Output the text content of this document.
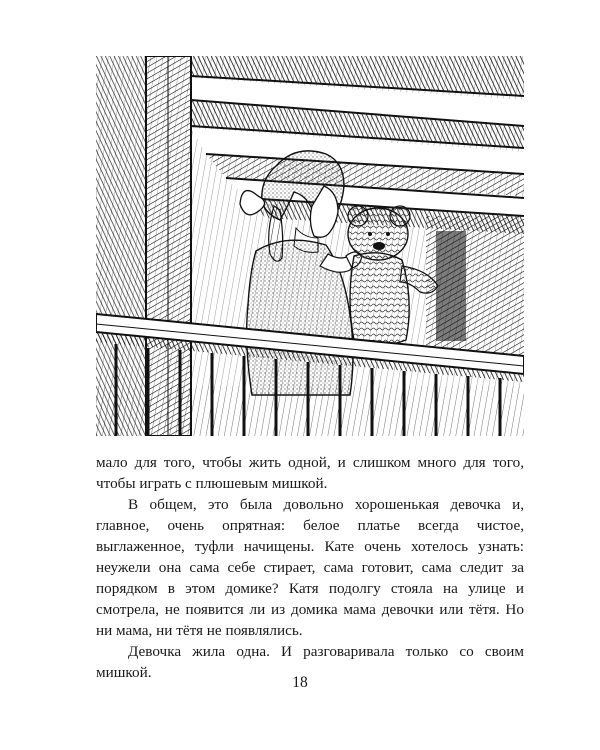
мало для того, чтобы жить одной, и слишком много для того, чтобы играть с плюшевым мишкой.

В общем, это была довольно хорошенькая девочка и, главное, очень опрятная: белое платье всегда чистое, выглаженное, туфли начищены. Кате очень хотелось узнать: неужели она сама себе стирает, сама готовит, сама следит за порядком в этом домике? Катя подолгу стояла на улице и смотрела, не появится ли из домика мама девочки или тётя. Но ни мама, ни тётя не появлялись.

Девочка жила одна. И разговаривала только со своим мишкой.

18
